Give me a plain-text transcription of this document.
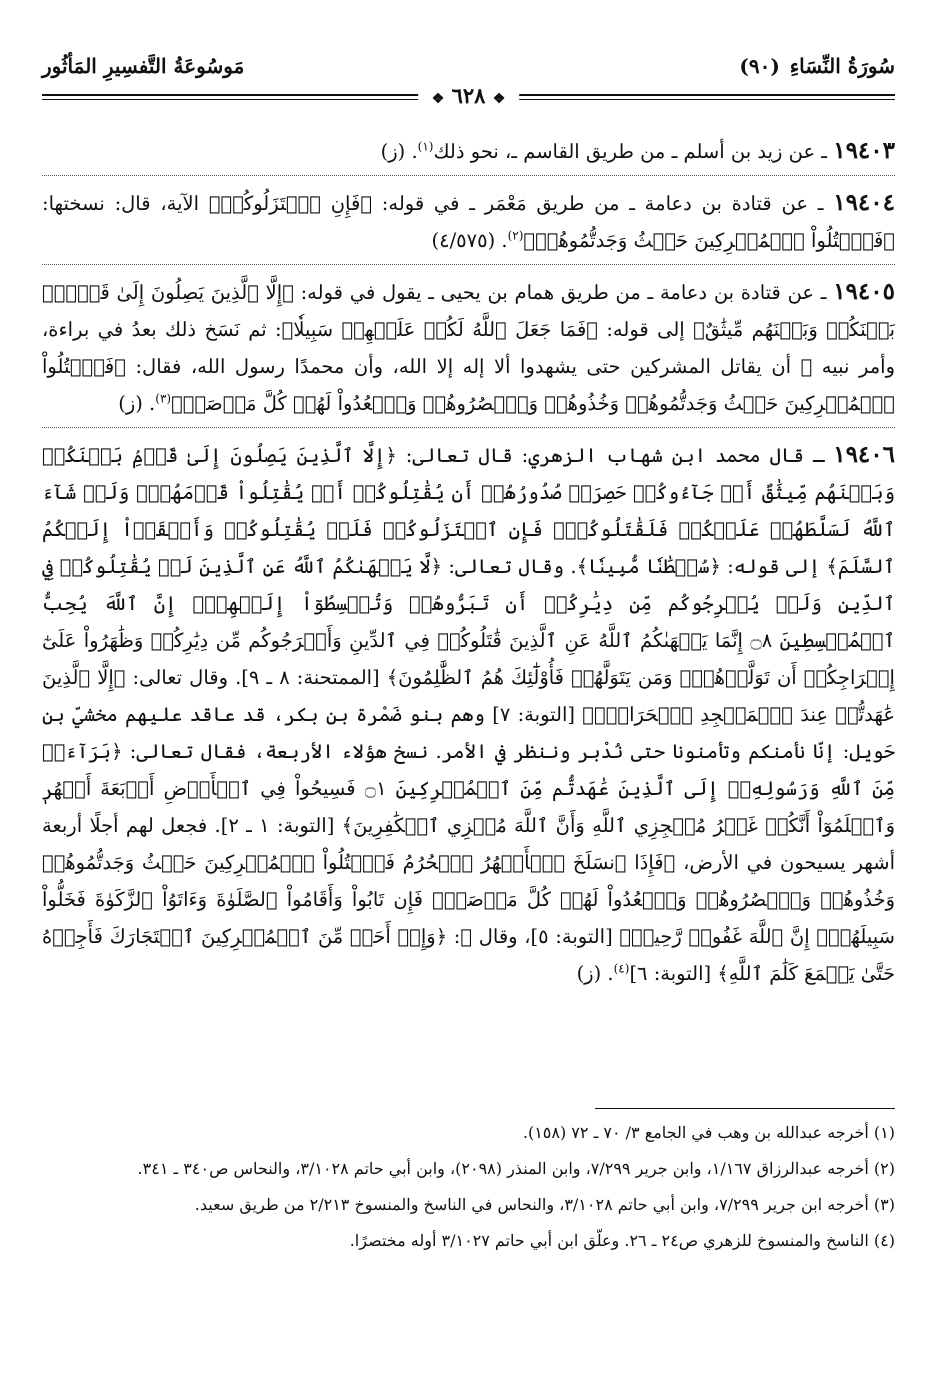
سُورَةُ النِّسَاءِ
(٩٠)
مَوسُوعَةُ التَّفسِيرِ المَأثُور
❖ ٦٢٨ ❖

١٩٤٠٣ ـ عن زيد بن أسلم ـ من طريق القاسم ـ، نحو ذلك$^{(١)}$. (ز)

١٩٤٠٤ ـ عن قتادة بن دعامة ـ من طريق مَعْمَر ـ في قوله: ﴿فَإِنِ ٱعۡتَزَلُوكُمۡ﴾ الآية، قال: نسختها: ﴿فَٱقۡتُلُواْ ٱلۡمُشۡرِكِينَ حَيۡثُ وَجَدتُّمُوهُمۡ﴾$^{(٢)}$. (٤/٥٧٥)

١٩٤٠٥ ـ عن قتادة بن دعامة ـ من طريق همام بن يحيى ـ يقول في قوله: ﴿إِلَّا ٱلَّذِينَ يَصِلُونَ إِلَىٰ قَوۡمِۢ بَيۡنَكُمۡ وَبَيۡنَهُم مِّيثَٰقٌ﴾ إلى قوله: ﴿فَمَا جَعَلَ ٱللَّهُ لَكُمۡ عَلَيۡهِمۡ سَبِيلٗا﴾: ثم نَسَخ ذلك بعدُ في براءة، وأمر نبيه ﷺ أن يقاتل المشركين حتى يشهدوا ألا إله إلا الله، وأن محمدًا رسول الله، فقال: ﴿فَٱقۡتُلُواْ ٱلۡمُشۡرِكِينَ حَيۡثُ وَجَدتُّمُوهُمۡ وَخُذُوهُمۡ وَٱحۡصُرُوهُمۡ وَٱقۡعُدُواْ لَهُمۡ كُلَّ مَرۡصَدٖ﴾$^{(٣)}$. (ز)

١٩٤٠٦ ـ قال محمد ابن شهاب الزهري: قال تعالى: ﴿إِلَّا ٱلَّذِينَ يَصِلُونَ إِلَىٰ قَوۡمِۢ بَيۡنَكُمۡ وَبَيۡنَهُم مِّيثَٰقٌ أَوۡ جَآءُوكُمۡ حَصِرَتۡ صُدُورُهُمۡ أَن يُقَٰتِلُوكُمۡ أَوۡ يُقَٰتِلُواْ قَوۡمَهُمۡۚ وَلَوۡ شَآءَ ٱللَّهُ لَسَلَّطَهُمۡ عَلَيۡكُمۡ فَلَقَٰتَلُوكُمۡۚ فَإِنِ ٱعۡتَزَلُوكُمۡ فَلَمۡ يُقَٰتِلُوكُمۡ وَأَلۡقَوۡاْ إِلَيۡكُمُ ٱلسَّلَمَ﴾ إلى قوله: ﴿سُلۡطَٰنٗا مُّبِينٗا﴾. وقال تعالى: ﴿لَّا يَنۡهَىٰكُمُ ٱللَّهُ عَنِ ٱلَّذِينَ لَمۡ يُقَٰتِلُوكُمۡ فِي ٱلدِّينِ وَلَمۡ يُخۡرِجُوكُم مِّن دِيَٰرِكُمۡ أَن تَبَرُّوهُمۡ وَتُقۡسِطُوٓاْ إِلَيۡهِمۡۚ إِنَّ ٱللَّهَ يُحِبُّ ٱلۡمُقۡسِطِينَ ۝٨ إِنَّمَا يَنۡهَىٰكُمُ ٱللَّهُ عَنِ ٱلَّذِينَ قَٰتَلُوكُمۡ فِي ٱلدِّينِ وَأَخۡرَجُوكُم مِّن دِيَٰرِكُمۡ وَظَٰهَرُواْ عَلَىٰٓ إِخۡرَاجِكُمۡ أَن تَوَلَّوۡهُمۡۚ وَمَن يَتَوَلَّهُمۡ فَأُوْلَٰٓئِكَ هُمُ ٱلظَّٰلِمُونَ﴾ [الممتحنة: ٨ ـ ٩]. وقال تعالى: ﴿إِلَّا ٱلَّذِينَ عَٰهَدتُّمۡ عِندَ ٱلۡمَسۡجِدِ ٱلۡحَرَامِۖ﴾ [التوبة: ٧] وهم بنو ضَمْرة بن بكر، قد عاقد عليهم مخشيّ بن حَويل: إنّا نأمنكم وتأمنونا حتى نُدْبر وننظر في الأمر. نسخ هؤلاء الأربعة، فقال تعالى: ﴿بَرَآءَةٞ مِّنَ ٱللَّهِ وَرَسُولِهِۦٓ إِلَى ٱلَّذِينَ عَٰهَدتُّم مِّنَ ٱلۡمُشۡرِكِينَ ۝١ فَسِيحُواْ فِي ٱلۡأَرۡضِ أَرۡبَعَةَ أَشۡهُرٖ وَٱعۡلَمُوٓاْ أَنَّكُمۡ غَيۡرُ مُعۡجِزِي ٱللَّهِ وَأَنَّ ٱللَّهَ مُخۡزِي ٱلۡكَٰفِرِينَ﴾ [التوبة: ١ ـ ٢]. فجعل لهم أجلًا أربعة أشهر يسيحون في الأرض، ﴿فَإِذَا ٱنسَلَخَ ٱلۡأَشۡهُرُ ٱلۡحُرُمُ فَٱقۡتُلُواْ ٱلۡمُشۡرِكِينَ حَيۡثُ وَجَدتُّمُوهُمۡ وَخُذُوهُمۡ وَٱحۡصُرُوهُمۡ وَٱقۡعُدُواْ لَهُمۡ كُلَّ مَرۡصَدٖۚ فَإِن تَابُواْ وَأَقَامُواْ ٱلصَّلَوٰةَ وَءَاتَوُاْ ٱلزَّكَوٰةَ فَخَلُّواْ سَبِيلَهُمۡۚ إِنَّ ٱللَّهَ غَفُورٞ رَّحِيمٞ﴾ [التوبة: ٥]، وقال ﷻ: ﴿وَإِنۡ أَحَدٞ مِّنَ ٱلۡمُشۡرِكِينَ ٱسۡتَجَارَكَ فَأَجِرۡهُ حَتَّىٰ يَسۡمَعَ كَلَٰمَ ٱللَّهِ﴾ [التوبة: ٦]$^{(٤)}$. (ز)

(١) أخرجه عبدالله بن وهب في الجامع ٣/ ٧٠ ـ ٧٢ (١٥٨).

(٢) أخرجه عبدالرزاق ١/١٦٧، وابن جرير ٧/٢٩٩، وابن المنذر (٢٠٩٨)، وابن أبي حاتم ٣/١٠٢٨، والنحاس ص٣٤٠ ـ ٣٤١.

(٣) أخرجه ابن جرير ٧/٢٩٩، وابن أبي حاتم ٣/١٠٢٨، والنحاس في الناسخ والمنسوخ ٢/٢١٣ من طريق سعيد.

(٤) الناسخ والمنسوخ للزهري ص٢٤ ـ ٢٦. وعلّق ابن أبي حاتم ٣/١٠٢٧ أوله مختصرًا.
